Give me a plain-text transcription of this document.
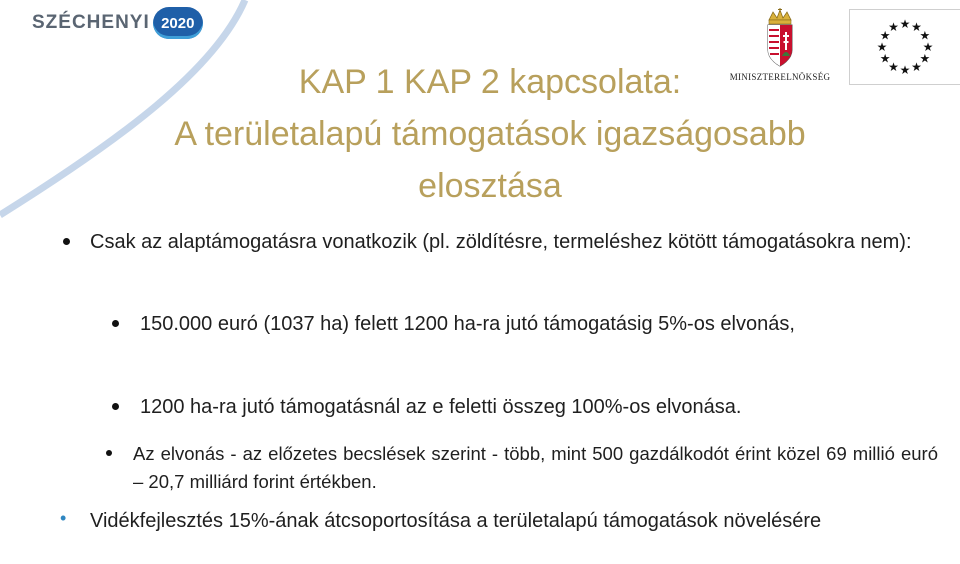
SZÉCHENYI 2020
MINISZTERELNÖKSÉG
★ ★
★
★
★
★
★
★
★
★
★
★
KAP 1 KAP 2 kapcsolata:
A területalapú támogatások igazságosabb
elosztása
Csak az alaptámogatásra vonatkozik (pl. zöldítésre, termeléshez kötött támogatásokra nem):
150.000 euró (1037 ha) felett 1200 ha-ra jutó támogatásig 5%-os elvonás,
1200 ha-ra jutó támogatásnál az e feletti összeg 100%-os elvonása.
Az elvonás - az előzetes becslések szerint - több, mint 500 gazdálkodót érint közel 69 millió euró – 20,7 milliárd forint értékben.
• Vidékfejlesztés 15%-ának átcsoportosítása a területalapú támogatások növelésére
